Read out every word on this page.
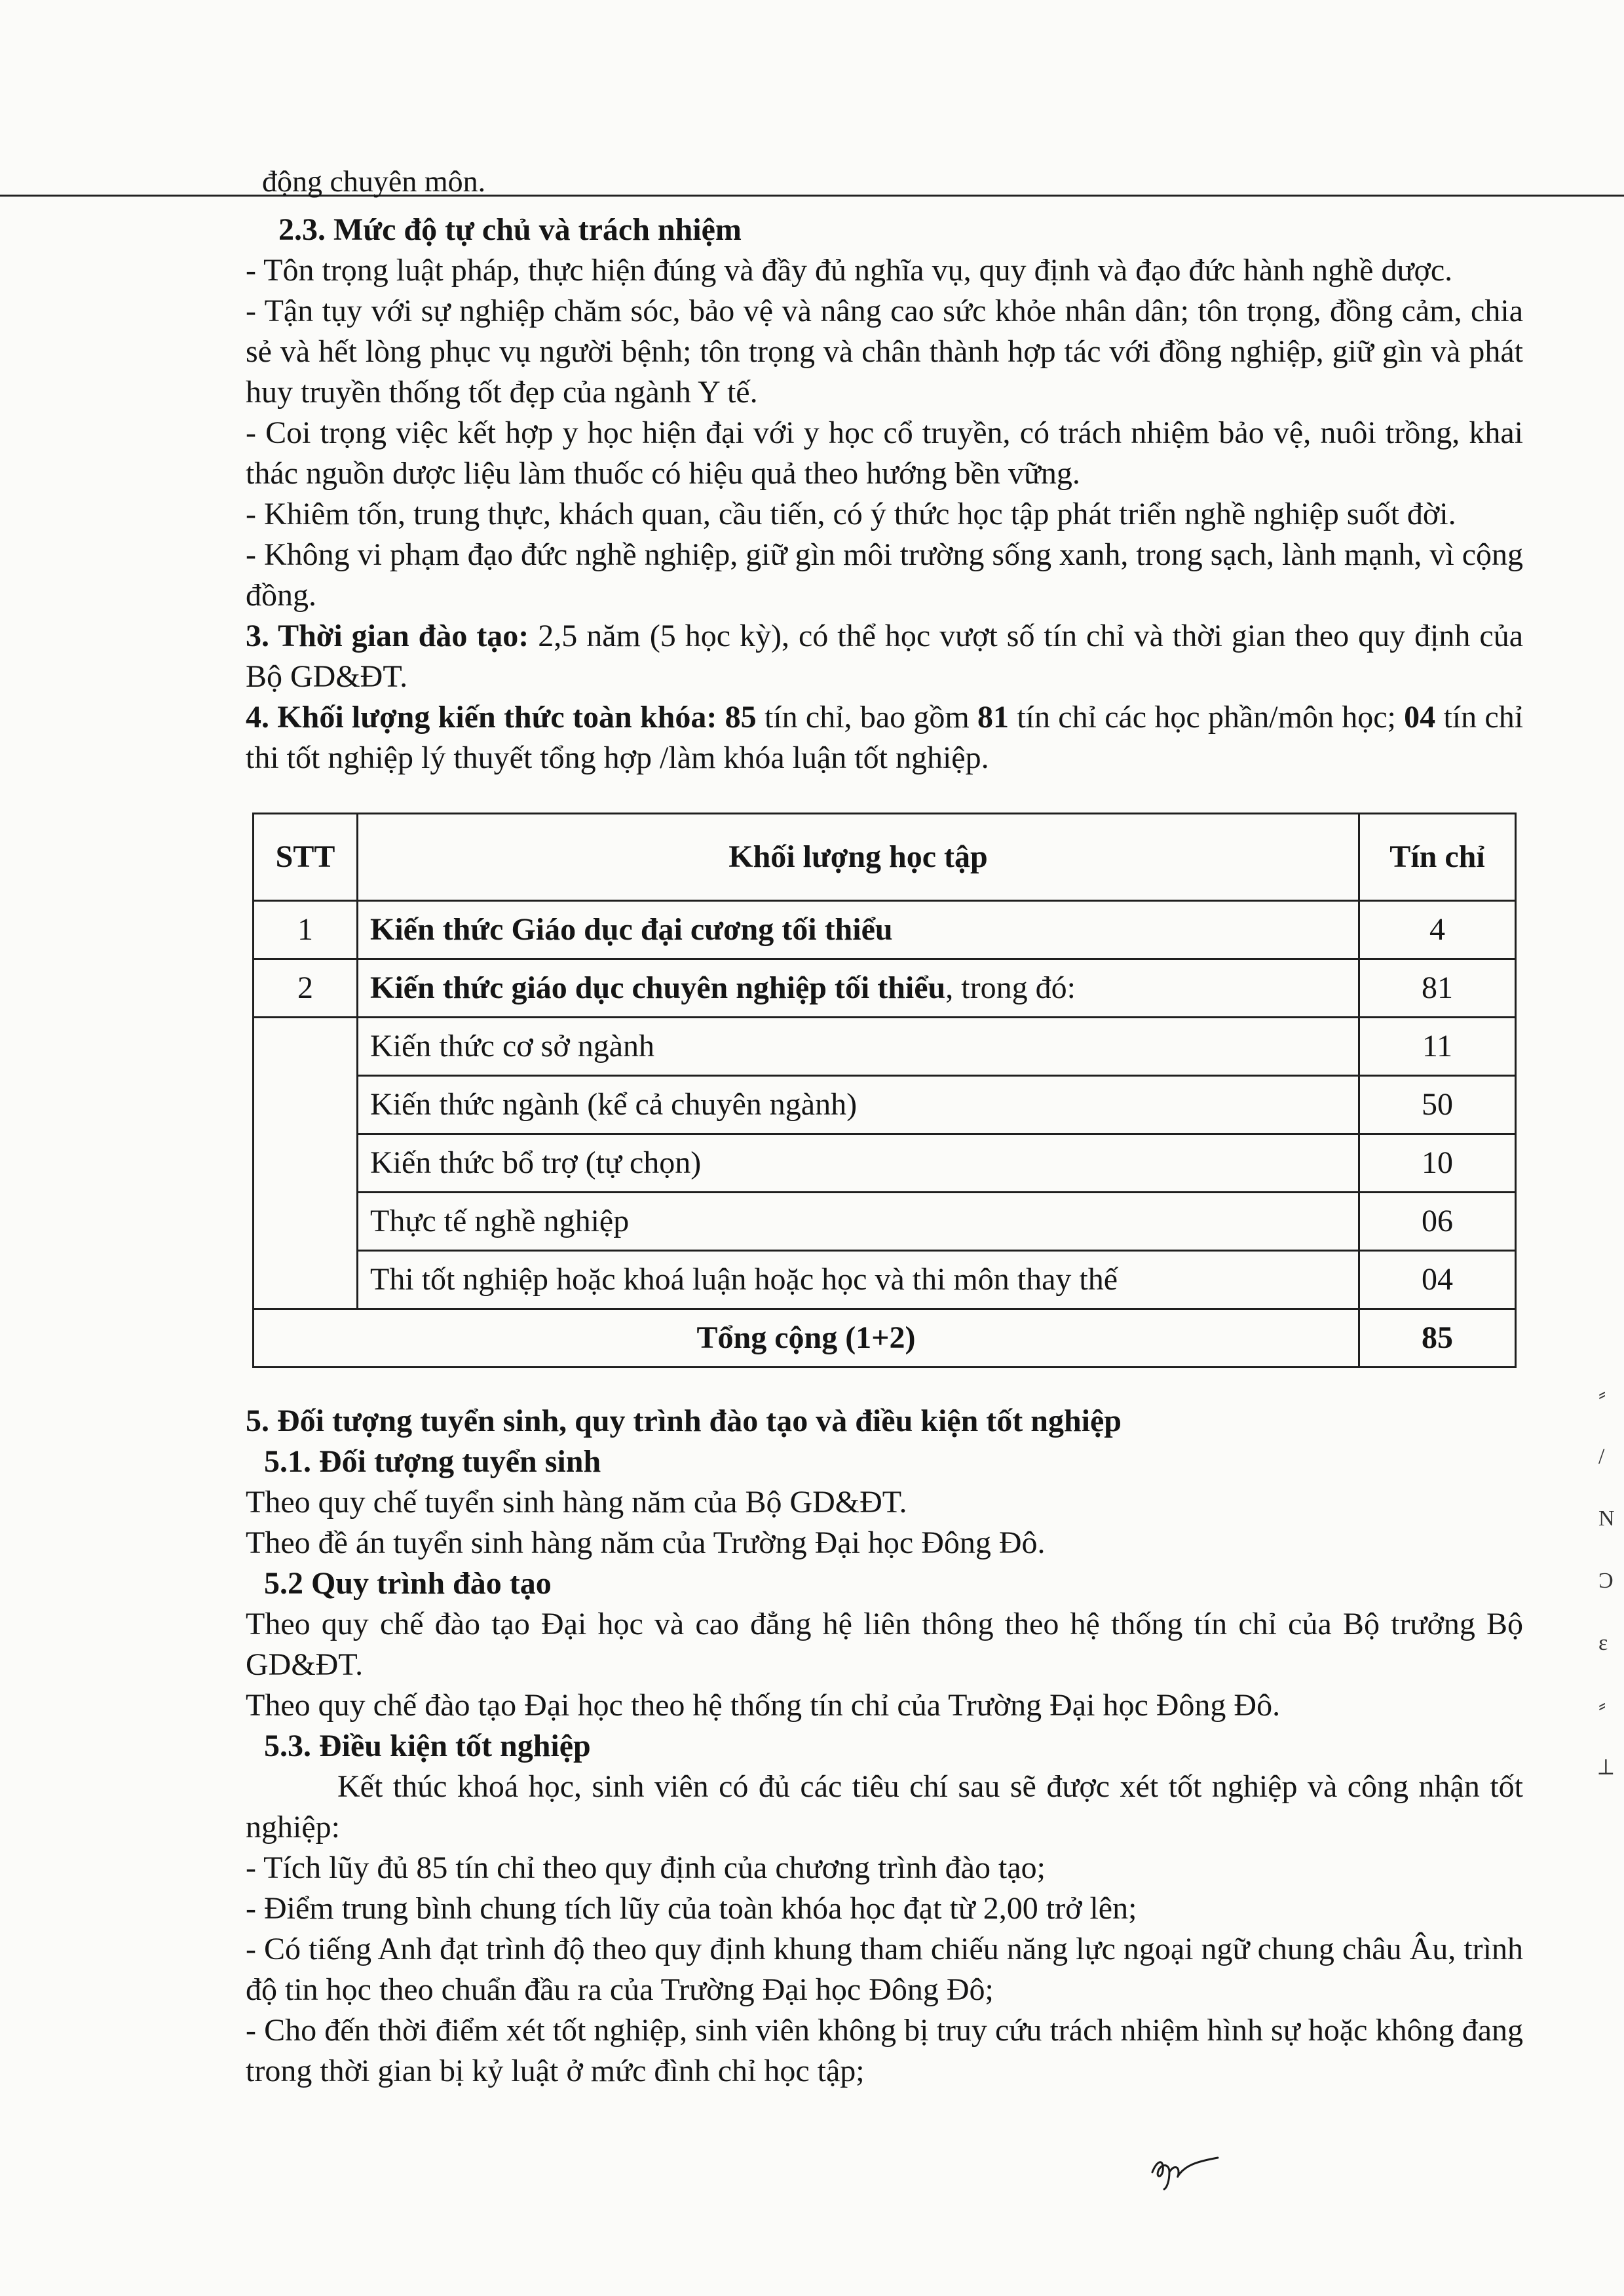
động chuyên môn.

2.3. Mức độ tự chủ và trách nhiệm

- Tôn trọng luật pháp, thực hiện đúng và đầy đủ nghĩa vụ, quy định và đạo đức hành nghề dược.

- Tận tụy với sự nghiệp chăm sóc, bảo vệ và nâng cao sức khỏe nhân dân; tôn trọng, đồng cảm, chia sẻ và hết lòng phục vụ người bệnh; tôn trọng và chân thành hợp tác với đồng nghiệp, giữ gìn và phát huy truyền thống tốt đẹp của ngành Y tế.

- Coi trọng việc kết hợp y học hiện đại với y học cổ truyền, có trách nhiệm bảo vệ, nuôi trồng, khai thác nguồn dược liệu làm thuốc có hiệu quả theo hướng bền vững.

- Khiêm tốn, trung thực, khách quan, cầu tiến, có ý thức học tập phát triển nghề nghiệp suốt đời.

- Không vi phạm đạo đức nghề nghiệp, giữ gìn môi trường sống xanh, trong sạch, lành mạnh, vì cộng đồng.

3. Thời gian đào tạo: 2,5 năm (5 học kỳ), có thể học vượt số tín chỉ và thời gian theo quy định của Bộ GD&ĐT.

4. Khối lượng kiến thức toàn khóa: 85 tín chỉ, bao gồm 81 tín chỉ các học phần/môn học; 04 tín chỉ thi tốt nghiệp lý thuyết tổng hợp /làm khóa luận tốt nghiệp.

STT	Khối lượng học tập	Tín chỉ
1	Kiến thức Giáo dục đại cương tối thiểu	4
2	Kiến thức giáo dục chuyên nghiệp tối thiểu, trong đó:	81
	Kiến thức cơ sở ngành	11
	Kiến thức ngành (kể cả chuyên ngành)	50
	Kiến thức bổ trợ (tự chọn)	10
	Thực tế nghề nghiệp	06
	Thi tốt nghiệp hoặc khoá luận hoặc học và thi môn thay thế	04
Tổng cộng (1+2)		85

5. Đối tượng tuyển sinh, quy trình đào tạo và điều kiện tốt nghiệp

5.1. Đối tượng tuyển sinh

Theo quy chế tuyển sinh hàng năm của Bộ GD&ĐT.

Theo đề án tuyển sinh hàng năm của Trường Đại học Đông Đô.

5.2 Quy trình đào tạo

Theo quy chế đào tạo Đại học và cao đẳng hệ liên thông theo hệ thống tín chỉ của Bộ trưởng Bộ GD&ĐT.

Theo quy chế đào tạo Đại học theo hệ thống tín chỉ của Trường Đại học Đông Đô.

5.3. Điều kiện tốt nghiệp

Kết thúc khoá học, sinh viên có đủ các tiêu chí sau sẽ được xét tốt nghiệp và công nhận tốt nghiệp:

- Tích lũy đủ 85 tín chỉ theo quy định của chương trình đào tạo;

- Điểm trung bình chung tích lũy của toàn khóa học đạt từ 2,00 trở lên;

- Có tiếng Anh đạt trình độ theo quy định khung tham chiếu năng lực ngoại ngữ chung châu Âu, trình độ tin học theo chuẩn đầu ra của Trường Đại học Đông Đô;

- Cho đến thời điểm xét tốt nghiệp, sinh viên không bị truy cứu trách nhiệm hình sự hoặc không đang trong thời gian bị kỷ luật ở mức đình chỉ học tập;

⸗
/
N
Ɔ
ɛ
⸗
⟂
